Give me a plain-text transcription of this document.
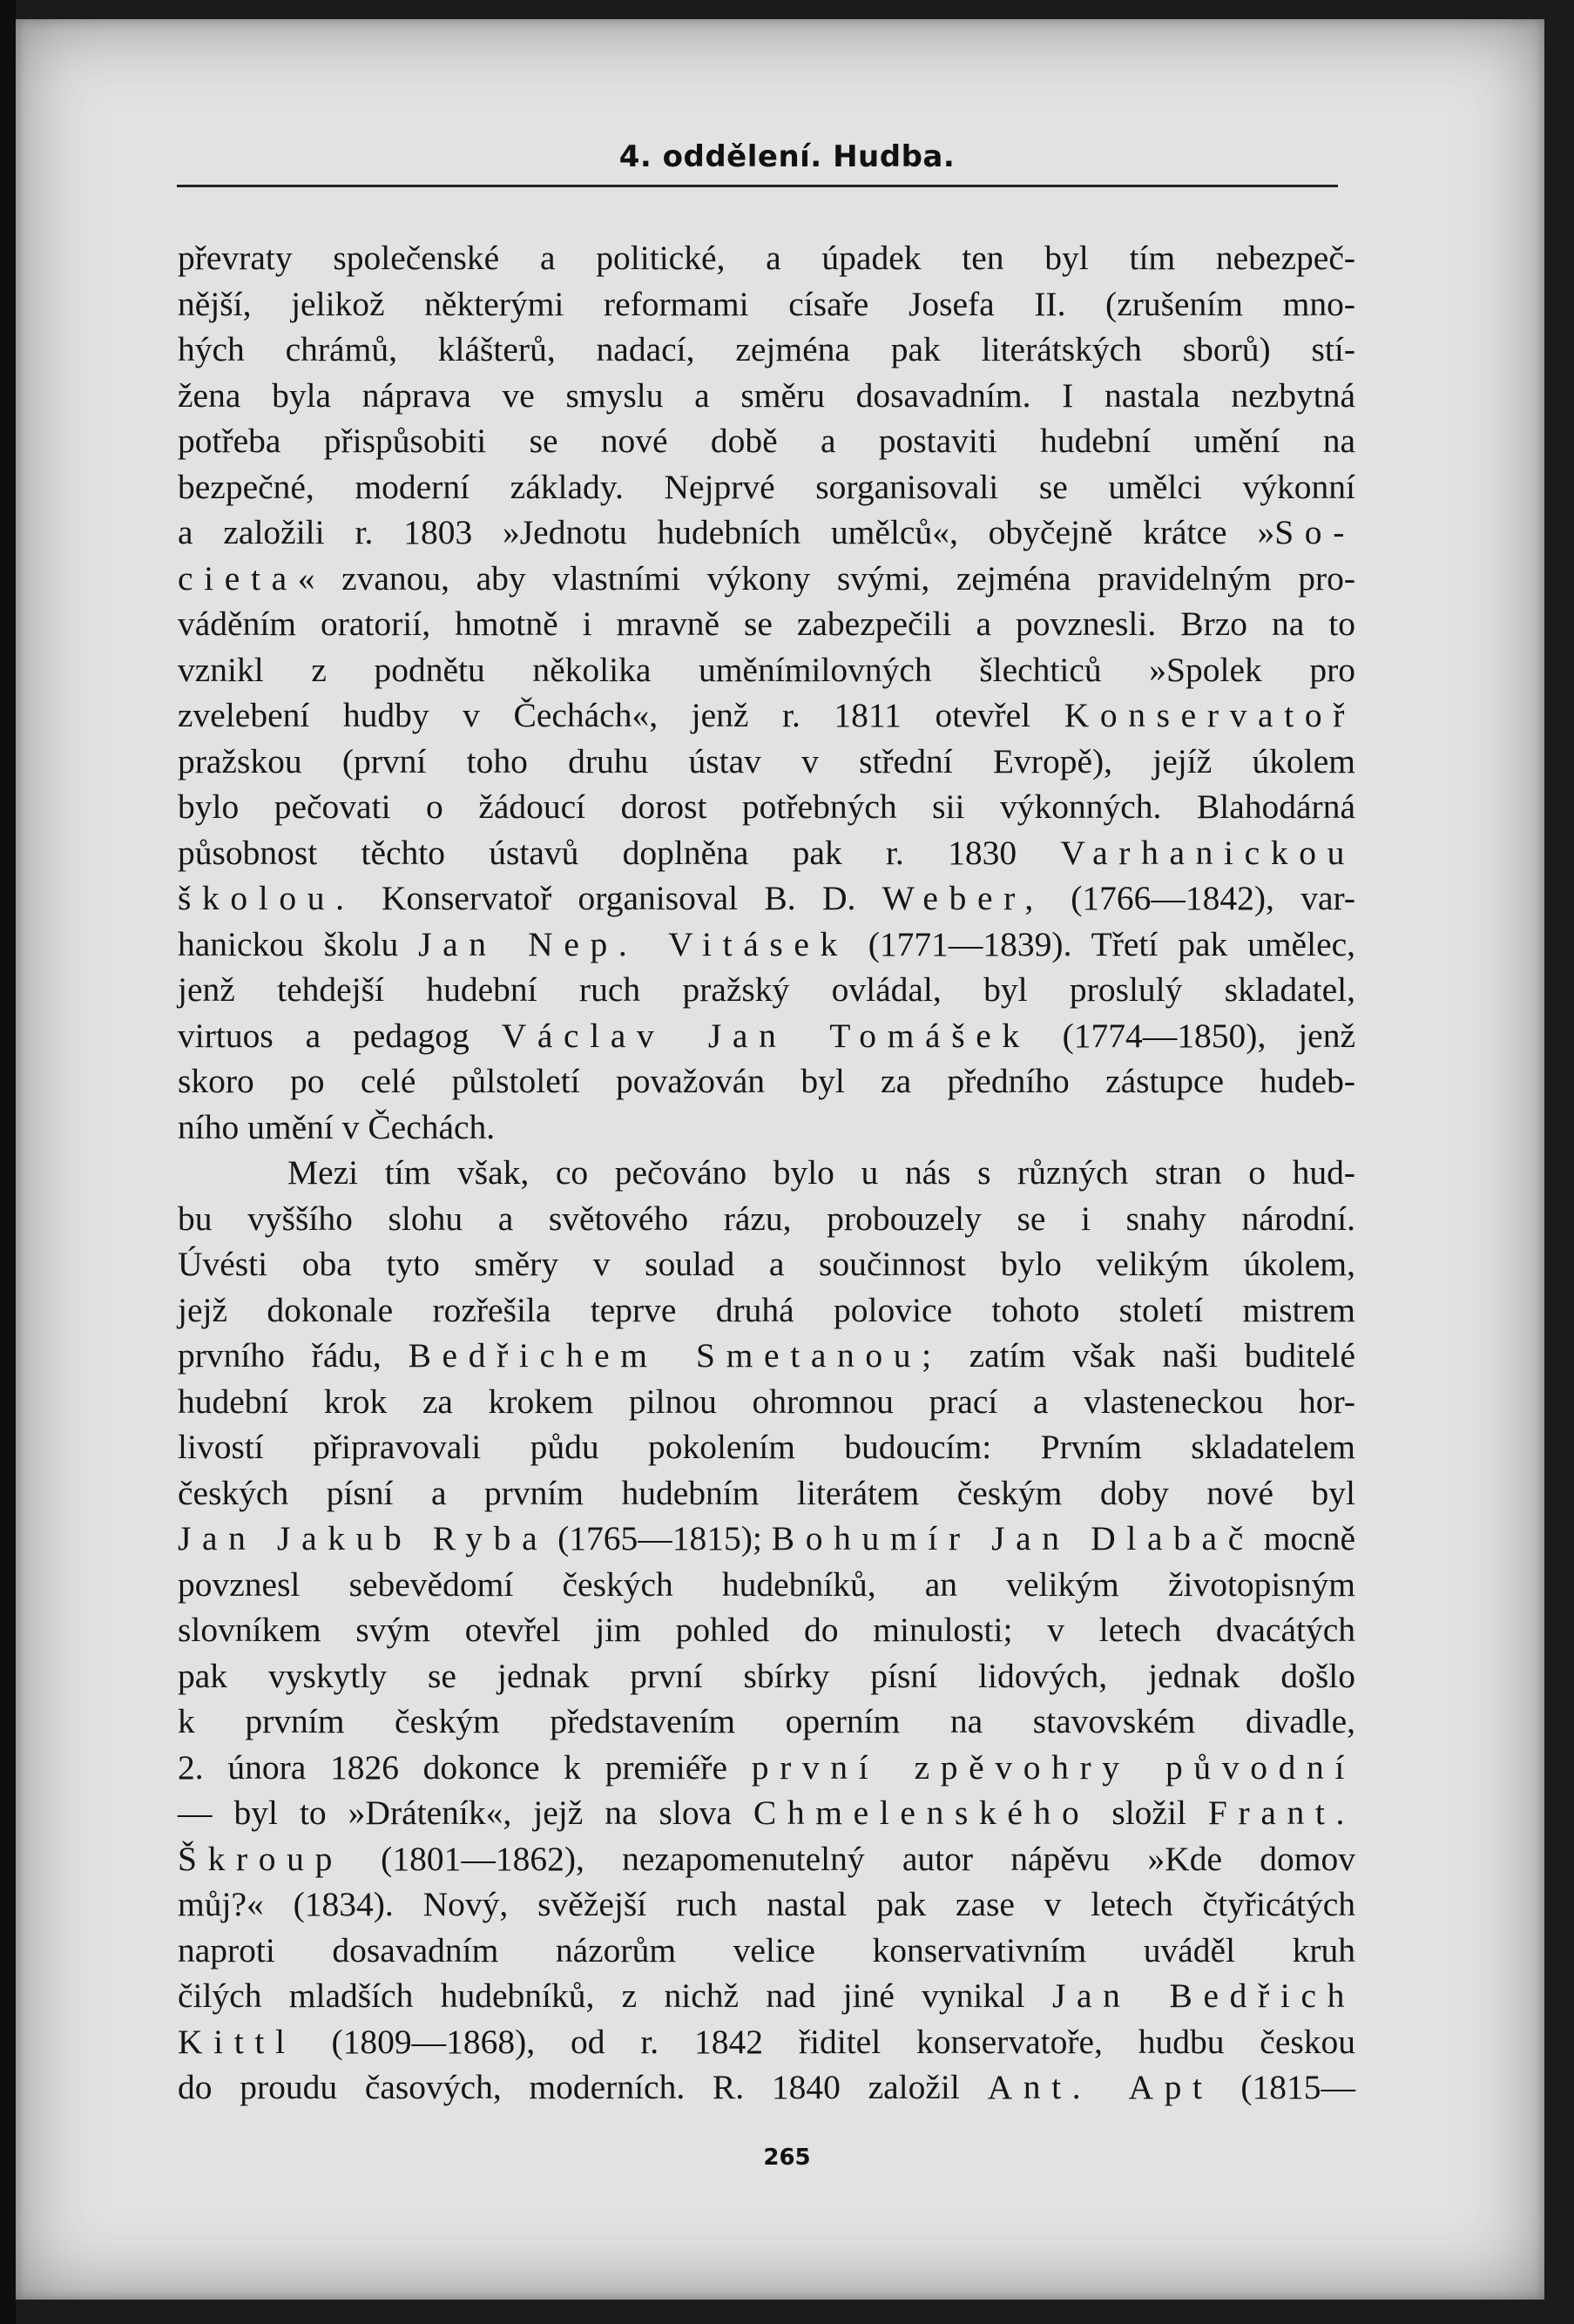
4. oddělení. Hudba.

převraty společenské a politické, a úpadek ten byl tím nebezpeč-

nější, jelikož některými reformami císaře Josefa II. (zrušením mno-

hých chrámů, klášterů, nadací, zejména pak literátských sborů) stí-

žena byla náprava ve smyslu a směru dosavadním. I nastala nezbytná

potřeba přispůsobiti se nové době a postaviti hudební umění na

bezpečné, moderní základy. Nejprvé sorganisovali se umělci výkonní

a založili r. 1803 »Jednotu hudebních umělců«, obyčejně krátce »So-

cieta« zvanou, aby vlastními výkony svými, zejména pravidelným pro-

váděním oratorií, hmotně i mravně se zabezpečili a povznesli. Brzo na to

vznikl z podnětu několika uměnímilovných šlechticů »Spolek pro

zvelebení hudby v Čechách«, jenž r. 1811 otevřel Konservatoř

pražskou (první toho druhu ústav v střední Evropě), jejíž úkolem

bylo pečovati o žádoucí dorost potřebných sii výkonných. Blahodárná

působnost těchto ústavů doplněna pak r. 1830 Varhanickou

školou. Konservatoř organisoval B. D. Weber, (1766—1842), var-

hanickou školu Jan Nep. Vitásek (1771—1839). Třetí pak umělec,

jenž tehdejší hudební ruch pražský ovládal, byl proslulý skladatel,

virtuos a pedagog Václav Jan Tomášek (1774—1850), jenž

skoro po celé půlstoletí považován byl za předního zástupce hudeb-

ního umění v Čechách.

Mezi tím však, co pečováno bylo u nás s různých stran o hud-

bu vyššího slohu a světového rázu, probouzely se i snahy národní.

Úvésti oba tyto směry v soulad a součinnost bylo velikým úkolem,

jejž dokonale rozřešila teprve druhá polovice tohoto století mistrem

prvního řádu, Bedřichem Smetanou; zatím však naši buditelé

hudební krok za krokem pilnou ohromnou prací a vlasteneckou hor-

livostí připravovali půdu pokolením budoucím: Prvním skladatelem

českých písní a prvním hudebním literátem českým doby nové byl

Jan Jakub Ryba (1765—1815); Bohumír Jan Dlabač mocně

povznesl sebevědomí českých hudebníků, an velikým životopisným

slovníkem svým otevřel jim pohled do minulosti; v letech dvacátých

pak vyskytly se jednak první sbírky písní lidových, jednak došlo

k prvním českým představením operním na stavovském divadle,

2. února 1826 dokonce k premiéře první zpěvohry původní

— byl to »Dráteník«, jejž na slova Chmelenského složil Frant.

Škroup (1801—1862), nezapomenutelný autor nápěvu »Kde domov

můj?« (1834). Nový, svěžejší ruch nastal pak zase v letech čtyřicátých

naproti dosavadním názorům velice konservativním uváděl kruh

čilých mladších hudebníků, z nichž nad jiné vynikal Jan Bedřich

Kittl (1809—1868), od r. 1842 řiditel konservatoře, hudbu českou

do proudu časových, moderních. R. 1840 založil Ant. Apt (1815—

265
